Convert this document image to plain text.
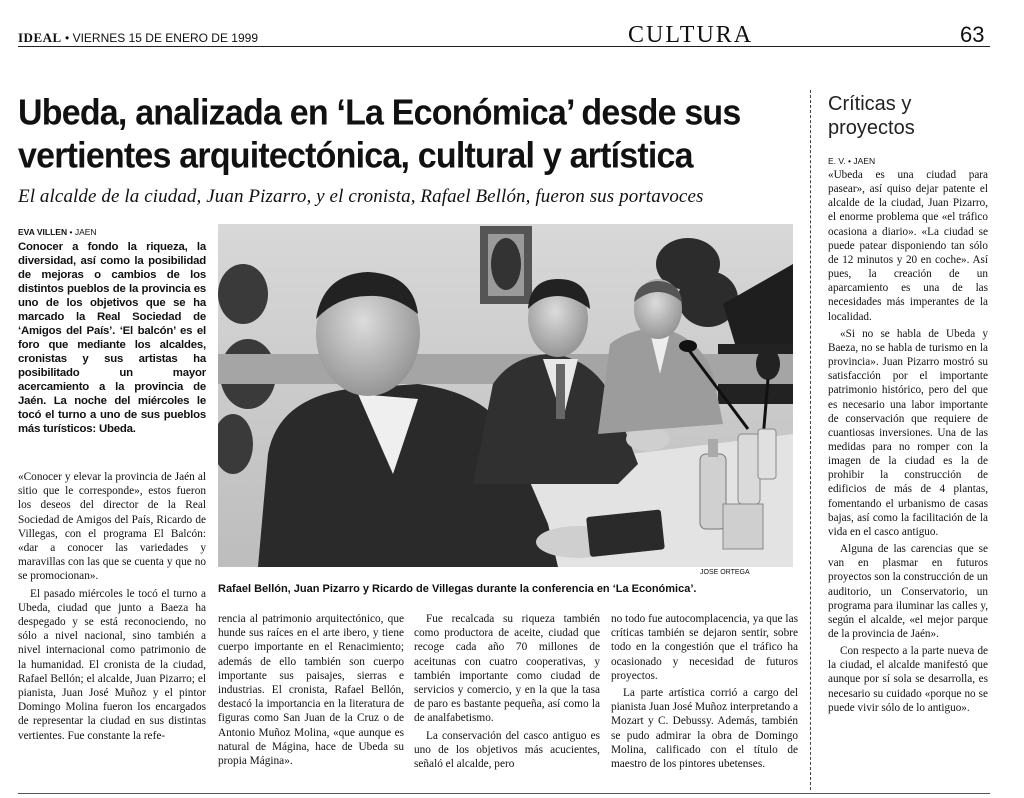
IDEAL • VIERNES 15 DE ENERO DE 1999	CULTURA	63
Ubeda, analizada en ‘La Económica’ desde sus vertientes arquitectónica, cultural y artística
El alcalde de la ciudad, Juan Pizarro, y el cronista, Rafael Bellón, fueron sus portavoces
EVA VILLEN • JAEN
Conocer a fondo la riqueza, la diversidad, así como la posibilidad de mejoras o cambios de los distintos pueblos de la provincia es uno de los objetivos que se ha marcado la Real Sociedad de ‘Amigos del País’. ‘El balcón’ es el foro que mediante los alcaldes, cronistas y sus artistas ha posibilitado un mayor acercamiento a la provincia de Jaén. La noche del miércoles le tocó el turno a uno de sus pueblos más turísticos: Ubeda.
JOSE ORTEGA
Rafael Bellón, Juan Pizarro y Ricardo de Villegas durante la conferencia en ‘La Económica’.

«Conocer y elevar la provincia de Jaén al sitio que le corresponde», estos fueron los deseos del director de la Real Sociedad de Amigos del País, Ricardo de Villegas, con el programa El Balcón: «dar a conocer las variedades y maravillas con las que se cuenta y que no se promocionan».

El pasado miércoles le tocó el turno a Ubeda, ciudad que junto a Baeza ha despegado y se está reconociendo, no sólo a nivel nacional, sino también a nivel internacional como patrimonio de la humanidad. El cronista de la ciudad, Rafael Bellón; el alcalde, Juan Pizarro; el pianista, Juan José Muñoz y el pintor Domingo Molina fueron los encargados de representar la ciudad en sus distintas vertientes. Fue constante la refe-

rencia al patrimonio arquitectónico, que hunde sus raíces en el arte ibero, y tiene cuerpo importante en el Renacimiento; además de ello también son cuerpo importante sus paisajes, sierras e industrias. El cronista, Rafael Bellón, destacó la importancia en la literatura de figuras como San Juan de la Cruz o de Antonio Muñoz Molina, «que aunque es natural de Mágina, hace de Ubeda su propia Mágina».

Fue recalcada su riqueza también como productora de aceite, ciudad que recoge cada año 70 millones de aceitunas con cuatro cooperativas, y también importante como ciudad de servicios y comercio, y en la que la tasa de paro es bastante pequeña, así como la de analfabetismo.

La conservación del casco antiguo es uno de los objetivos más acucientes, señaló el alcalde, pero

no todo fue autocomplacencia, ya que las críticas también se dejaron sentir, sobre todo en la congestión que el tráfico ha ocasionado y necesidad de futuros proyectos.

La parte artística corrió a cargo del pianista Juan José Muñoz interpretando a Mozart y C. Debussy. Además, también se pudo admirar la obra de Domingo Molina, calificado con el título de maestro de los pintores ubetenses.

Críticas y proyectos
E. V. • JAEN

«Ubeda es una ciudad para pasear», así quiso dejar patente el alcalde de la ciudad, Juan Pizarro, el enorme problema que «el tráfico ocasiona a diario». «La ciudad se puede patear disponiendo tan sólo de 12 minutos y 20 en coche». Así pues, la creación de un aparcamiento es una de las necesidades más imperantes de la localidad.

«Si no se habla de Ubeda y Baeza, no se habla de turismo en la provincia». Juan Pizarro mostró su satisfacción por el importante patrimonio histórico, pero del que es necesario una labor importante de conservación que requiere de cuantiosas inversiones. Una de las medidas para no romper con la imagen de la ciudad es la de prohibir la construcción de edificios de más de 4 plantas, fomentando el urbanismo de casas bajas, así como la facilitación de la vida en el casco antiguo.

Alguna de las carencias que se van en plasmar en futuros proyectos son la construcción de un auditorio, un Conservatorio, un programa para iluminar las calles y, según el alcalde, «el mejor parque de la provincia de Jaén».

Con respecto a la parte nueva de la ciudad, el alcalde manifestó que aunque por sí sola se desarrolla, es necesario su cuidado «porque no se puede vivir sólo de lo antiguo».
